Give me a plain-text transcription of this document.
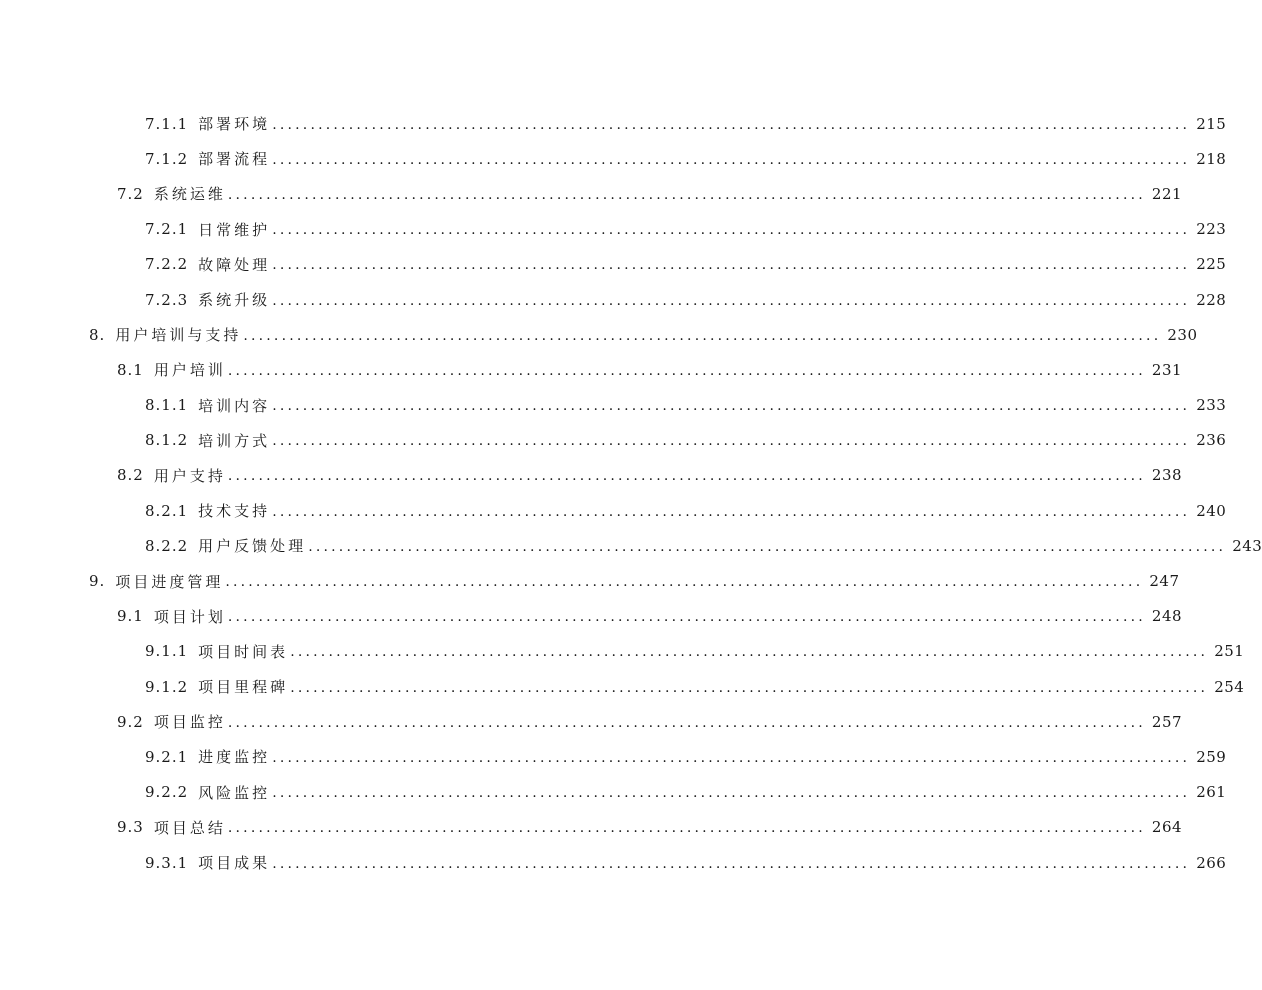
7.1.1 部署环境 ........................................................................................................................ 215
7.1.2 部署流程 ........................................................................................................................ 218
7.2 系统运维 ........................................................................................................................ 221
7.2.1 日常维护 ........................................................................................................................ 223
7.2.2 故障处理 ........................................................................................................................ 225
7.2.3 系统升级 ........................................................................................................................ 228
8. 用户培训与支持 ........................................................................................................................ 230
8.1 用户培训 ........................................................................................................................ 231
8.1.1 培训内容 ........................................................................................................................ 233
8.1.2 培训方式 ........................................................................................................................ 236
8.2 用户支持 ........................................................................................................................ 238
8.2.1 技术支持 ........................................................................................................................ 240
8.2.2 用户反馈处理 ........................................................................................................................ 243
9. 项目进度管理 ........................................................................................................................ 247
9.1 项目计划 ........................................................................................................................ 248
9.1.1 项目时间表 ........................................................................................................................ 251
9.1.2 项目里程碑 ........................................................................................................................ 254
9.2 项目监控 ........................................................................................................................ 257
9.2.1 进度监控 ........................................................................................................................ 259
9.2.2 风险监控 ........................................................................................................................ 261
9.3 项目总结 ........................................................................................................................ 264
9.3.1 项目成果 ........................................................................................................................ 266
